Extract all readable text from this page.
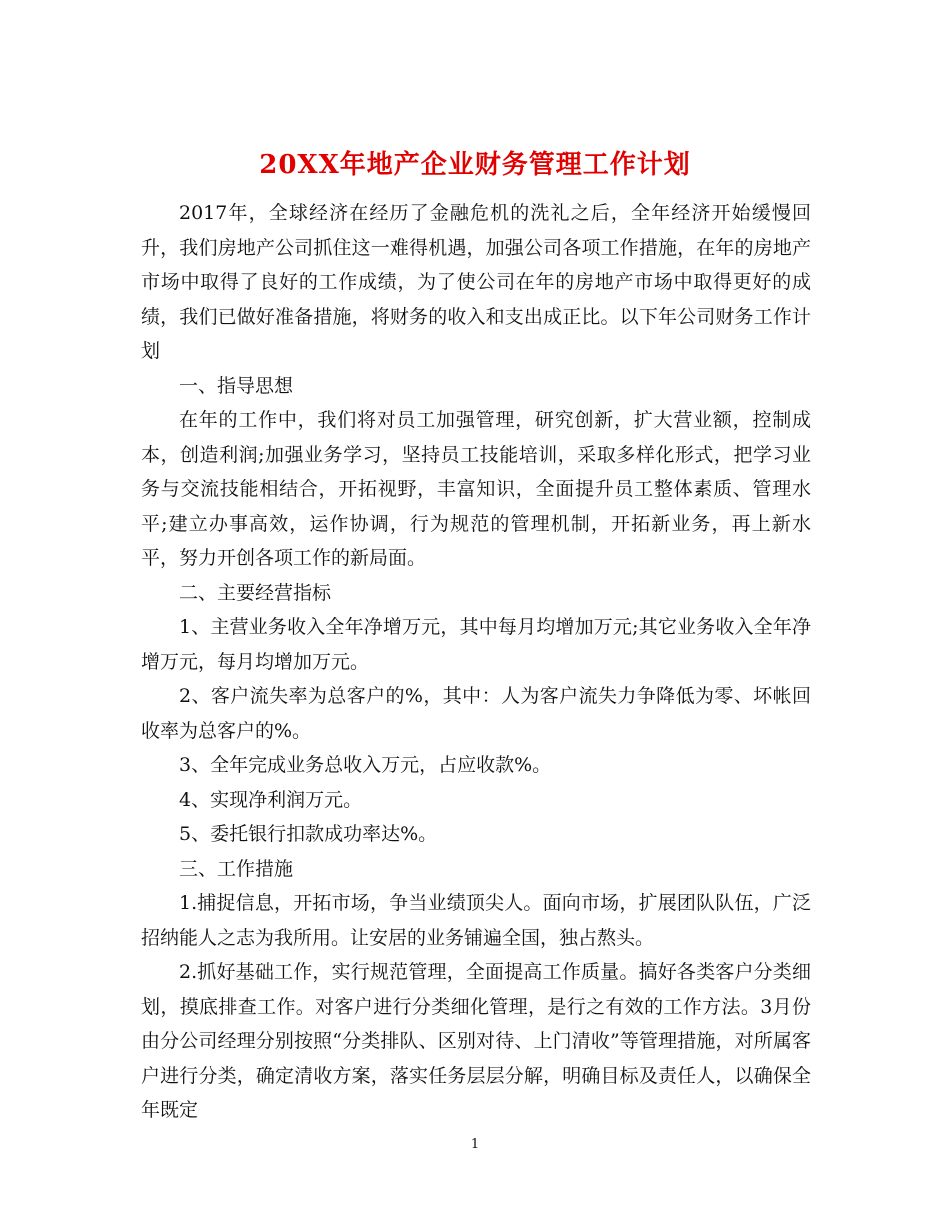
20XX年地产企业财务管理工作计划

2017年，全球经济在经历了金融危机的洗礼之后，全年经济开始缓慢回升，我们房地产公司抓住这一难得机遇，加强公司各项工作措施，在年的房地产市场中取得了良好的工作成绩，为了使公司在年的房地产市场中取得更好的成绩，我们已做好准备措施，将财务的收入和支出成正比。以下年公司财务工作计划

一、指导思想

在年的工作中，我们将对员工加强管理，研究创新，扩大营业额，控制成本，创造利润;加强业务学习，坚持员工技能培训，采取多样化形式，把学习业务与交流技能相结合，开拓视野，丰富知识，全面提升员工整体素质、管理水平;建立办事高效，运作协调，行为规范的管理机制，开拓新业务，再上新水平，努力开创各项工作的新局面。

二、主要经营指标

1、主营业务收入全年净增万元，其中每月均增加万元;其它业务收入全年净增万元，每月均增加万元。

2、客户流失率为总客户的%，其中：人为客户流失力争降低为零、坏帐回收率为总客户的%。

3、全年完成业务总收入万元，占应收款%。

4、实现净利润万元。

5、委托银行扣款成功率达%。

三、工作措施

1.捕捉信息，开拓市场，争当业绩顶尖人。面向市场，扩展团队队伍，广泛招纳能人之志为我所用。让安居的业务铺遍全国，独占熬头。

2.抓好基础工作，实行规范管理，全面提高工作质量。搞好各类客户分类细划，摸底排查工作。对客户进行分类细化管理，是行之有效的工作方法。3月份由分公司经理分别按照“分类排队、区别对待、上门清收”等管理措施，对所属客户进行分类，确定清收方案，落实任务层层分解，明确目标及责任人，以确保全年既定

1
